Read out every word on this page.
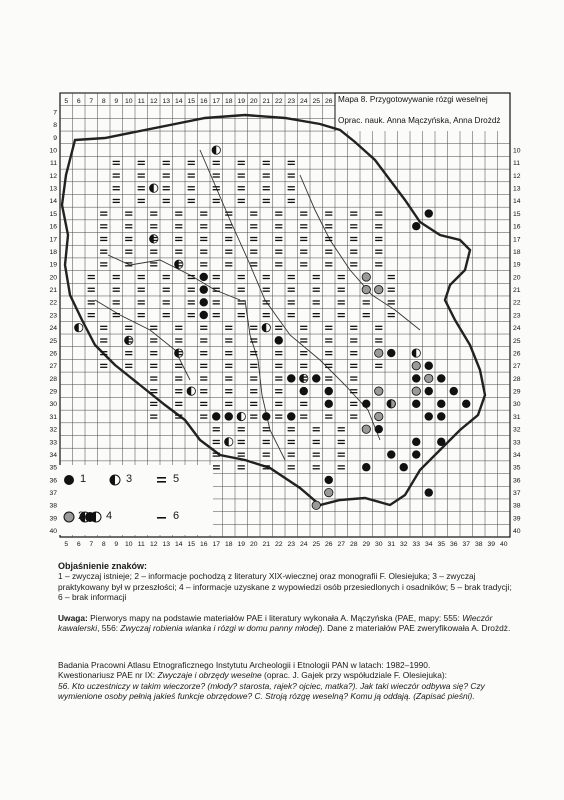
5 6 7 8 9 10 11 12 13 14 15 16 17 18 19 20 21 22 23 24 25 26
5 6 7 8 9 10 11 12 13 14 15 16 17 18 19 20 21 22 23 24 25 26 27 28 29 30 31 32 33 34 35 36 37 38 39 40
7
8
9
10	10
11	11
12	12
13	13
14	14
15	15
16	16
17	17
18	18
19	19
20	20
21	21
22	22
23	23
24	24
25	25
26	26
27	27
28	28
29	29
30	30
31	31
32	32
33	33
34	34
35	35
36	36
37	37
38	38
39	39
40	40
Mapa 8. Przygotowywanie rózgi weselnej
Oprac. nauk. Anna Mączyńska, Anna Drożdż
1	3	5
2 4	6

Objaśnienie znaków:

1 – zwyczaj istnieje; 2 – informacje pochodzą z literatury XIX-wiecznej oraz monografii F. Olesiejuka; 3 – zwyczaj praktykowany był w przeszłości; 4 – informacje uzyskane z wypowiedzi osób przesiedlonych i osadników; 5 – brak tradycji; 6 – brak informacji

Uwaga: Pierworys mapy na podstawie materiałów PAE i literatury wykonała A. Mączyńska (PAE, mapy: 555: Wieczór kawalerski, 556: Zwyczaj robienia wianka i rózgi w domu panny młodej). Dane z materiałów PAE zweryfikowała A. Drożdż.

Badania Pracowni Atlasu Etnograficznego Instytutu Archeologii i Etnologii PAN w latach: 1982–1990.

Kwestionariusz PAE nr IX: Zwyczaje i obrzędy weselne (oprac. J. Gajek przy współudziale F. Olesiejuka):

56. Kto uczestniczy w takim wieczorze? (młody? starosta, rajek? ojciec, matka?). Jak taki wieczór odbywa się? Czy wymienione osoby pełnią jakieś funkcje obrzędowe? C. Stroją rózgę weselną? Komu ją oddają. (Zapisać pieśni).
